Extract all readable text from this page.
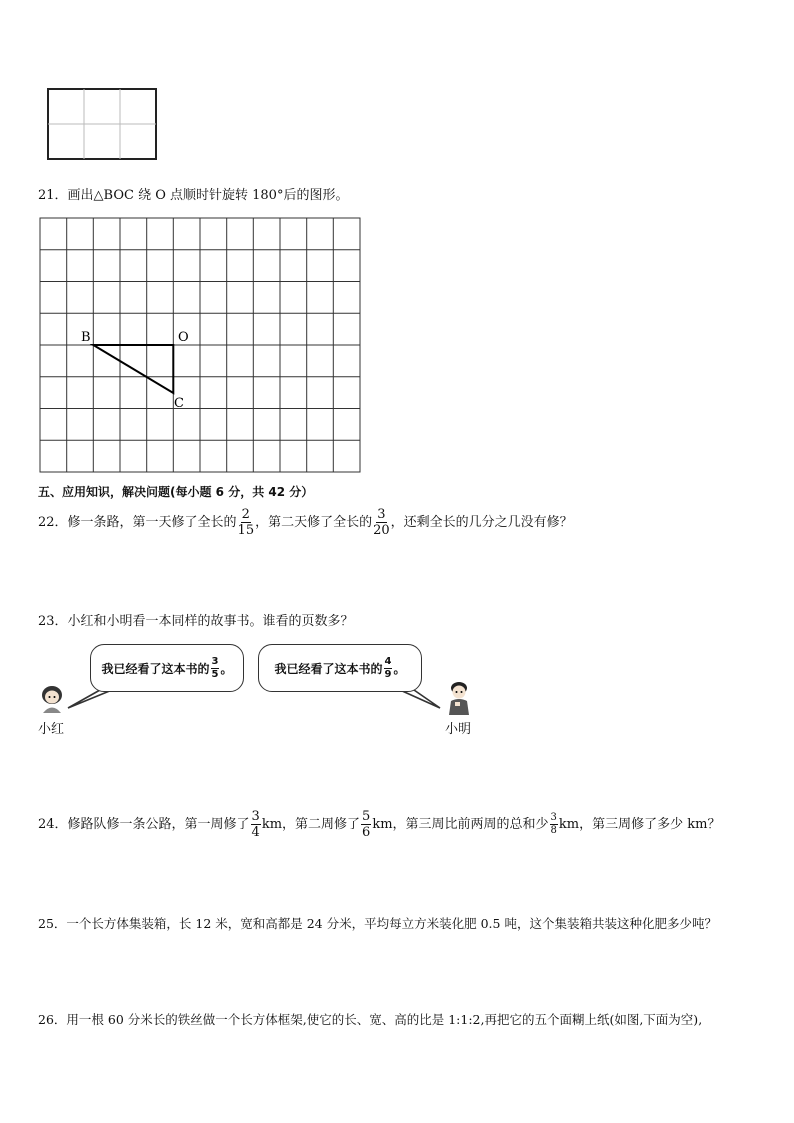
21．画出△BOC 绕 O 点顺时针旋转 180°后的图形。
B	O
C
五、应用知识，解决问题(每小题 6 分，共 42 分）
22．修一条路，第一天修了全长的 $\frac{2}{15}$ ，第二天修了全长的 $\frac{3}{20}$ ，还剩全长的几分之几没有修？
23．小红和小明看一本同样的故事书。谁看的页数多？
我已经看了这本书的 $\frac{3}{5}$ 。	我已经看了这本书的 $\frac{4}{9}$ 。
小红	小明
24．修路队修一条公路，第一周修了 $\frac{3}{4}$ km，第二周修了 $\frac{5}{6}$ km，第三周比前两周的总和少 $\frac{3}{8}$ km，第三周修了多少 km？
25．一个长方体集装箱，长 12 米，宽和高都是 24 分米，平均每立方米装化肥 0.5 吨，这个集装箱共装这种化肥多少吨？
26．用一根 60 分米长的铁丝做一个长方体框架,使它的长、宽、高的比是 1:1:2,再把它的五个面糊上纸(如图,下面为空),
